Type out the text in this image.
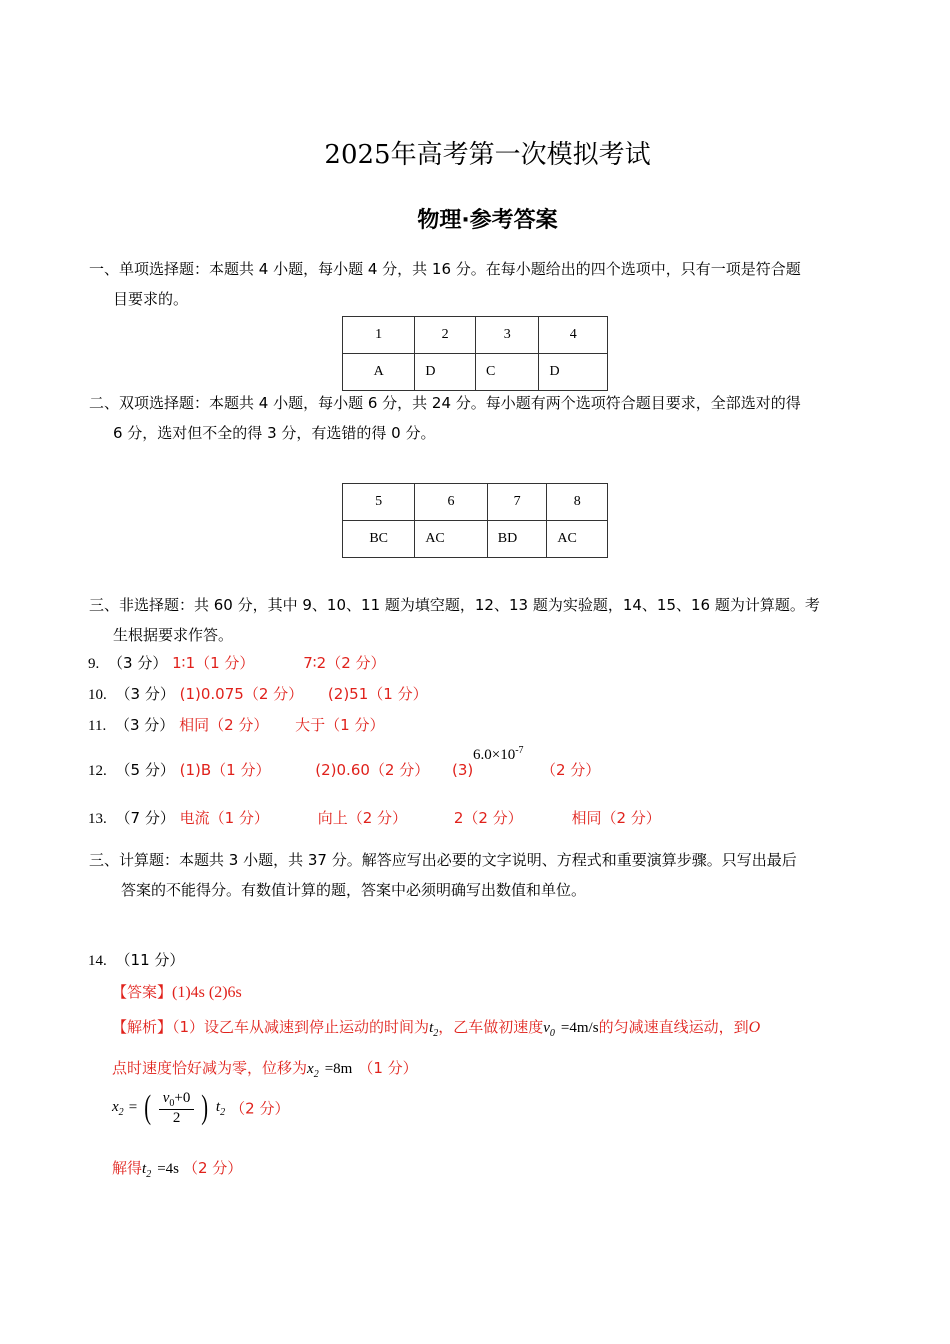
2025年高考第一次模拟考试
物理·参考答案
一、单项选择题：本题共 4 小题，每小题 4 分，共 16 分。在每小题给出的四个选项中，只有一项是符合题
目要求的。
1	2	3	4
A	D	C	D
二、双项选择题：本题共 4 小题，每小题 6 分，共 24 分。每小题有两个选项符合题目要求，全部选对的得
6 分，选对但不全的得 3 分，有选错的得 0 分。
5	6	7	8
BC	AC	BD	AC
三、非选择题：共 60 分，其中 9、10、11 题为填空题，12、13 题为实验题，14、15、16 题为计算题。考
生根据要求作答。
9. （3 分） 1∶1（1 分）	7∶2（2 分）
10. （3 分） (1)0.075（2 分） (2)51（1 分）
11. （3 分） 相同（2 分） 大于（1 分）
12. （5 分） (1)B（1 分）	(2)0.60（2 分） (3)
$6.0\times 10^{-7}$
（2 分）
13. （7 分） 电流（1 分）	向上（2 分）	2（2 分）	相同（2 分）
三、计算题：本题共 3 小题，共 37 分。解答应写出必要的文字说明、方程式和重要演算步骤。只写出最后
答案的不能得分。有数值计算的题，答案中必须明确写出数值和单位。
14. （11 分）
【答案】(1)4s (2)6s
【解析】（1）设乙车从减速到停止运动的时间为$t_2$，乙车做初速度$v_0 =4m/s$的匀减速直线运动，到O
点时速度恰好减为零，位移为$x_2 =8m$ （1 分）
$x_2$ = ( $\frac{v_0+0}{2}$ ) $t_2$ （2 分）
解得$t_2 =4s$ （2 分）
